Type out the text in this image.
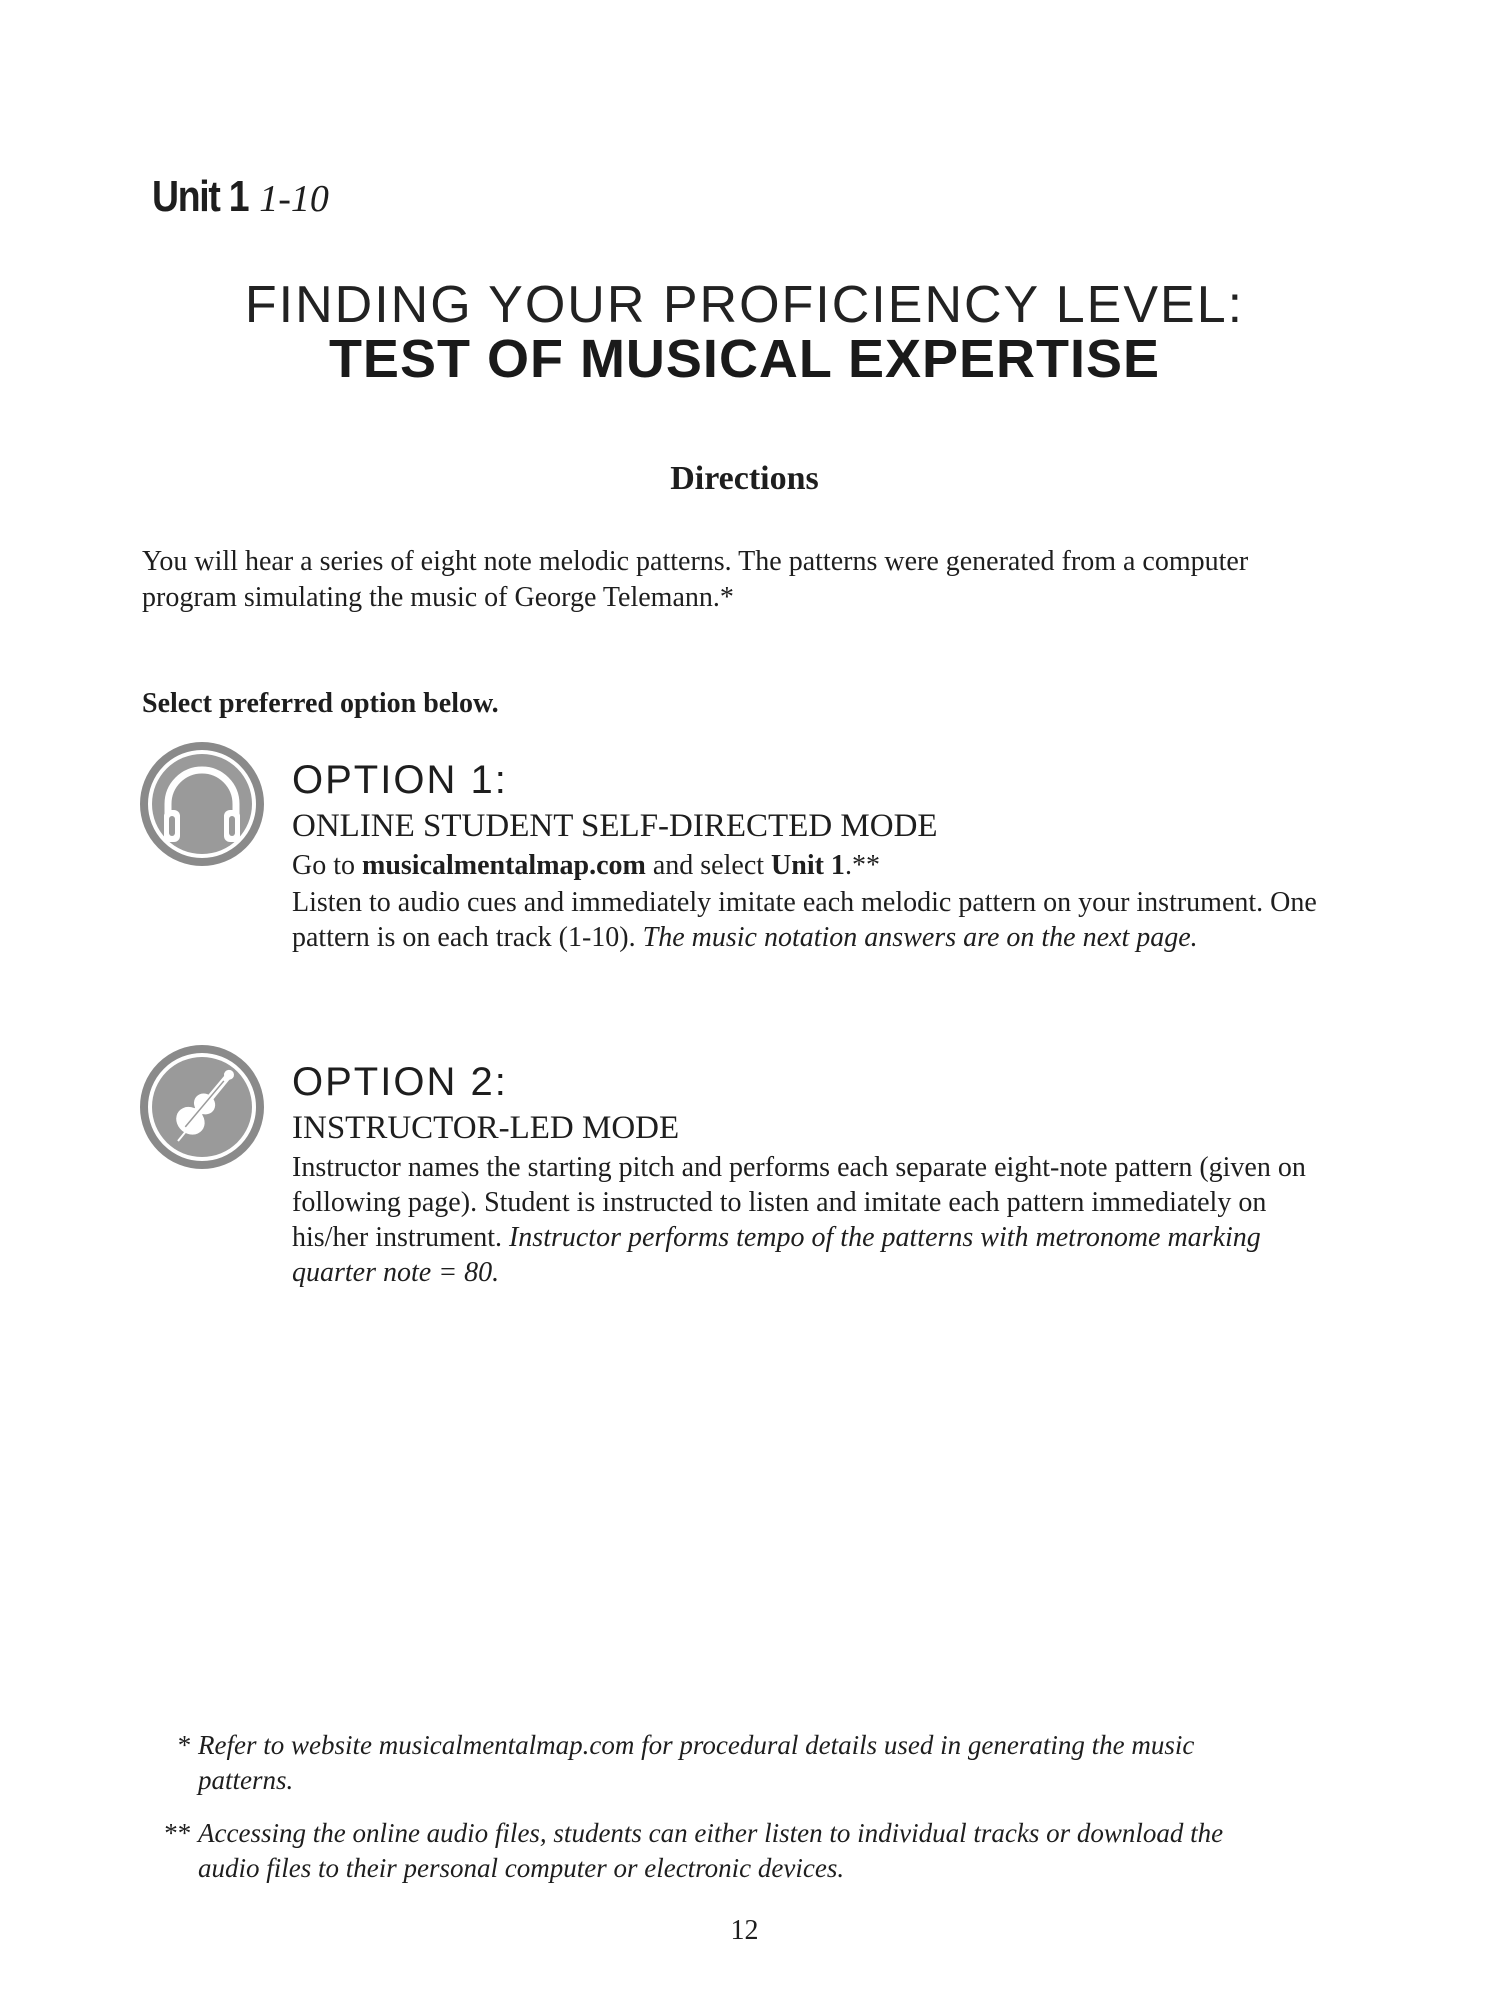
Unit 1 1-10
FINDING YOUR PROFICIENCY LEVEL:
TEST OF MUSICAL EXPERTISE
Directions
You will hear a series of eight note melodic patterns. The patterns were generated from a computer program simulating the music of George Telemann.*
Select preferred option below.
OPTION 1:
ONLINE STUDENT SELF-DIRECTED MODE
Go to musicalmentalmap.com and select Unit 1.**
Listen to audio cues and immediately imitate each melodic pattern on your instrument. One pattern is on each track (1-10). The music notation answers are on the next page.
OPTION 2:
INSTRUCTOR-LED MODE
Instructor names the starting pitch and performs each separate eight-note pattern (given on following page). Student is instructed to listen and imitate each pattern immediately on his/her instrument. Instructor performs tempo of the patterns with metronome marking quarter note = 80.
* Refer to website musicalmentalmap.com for procedural details used in generating the music patterns.
** Accessing the online audio files, students can either listen to individual tracks or download the audio files to their personal computer or electronic devices.
12
